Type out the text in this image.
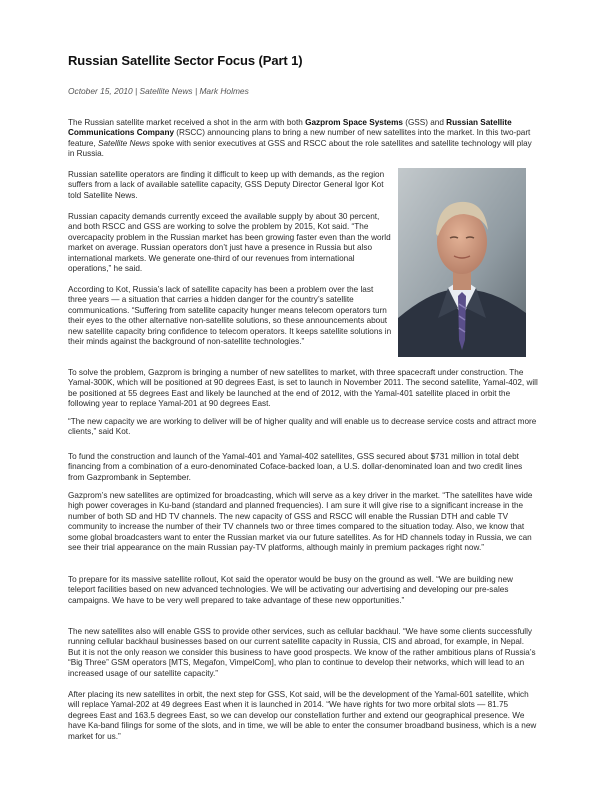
Russian Satellite Sector Focus (Part 1)
October 15, 2010 | Satellite News | Mark Holmes

The Russian satellite market received a shot in the arm with both Gazprom Space Systems (GSS) and Russian Satellite Communications Company (RSCC) announcing plans to bring a new number of new satellites into the market. In this two-part feature, Satellite News spoke with senior executives at GSS and RSCC about the role satellites and satellite technology will play in Russia.

Russian satellite operators are finding it difficult to keep up with demands, as the region suffers from a lack of available satellite capacity, GSS Deputy Director General Igor Kot told Satellite News.

Russian capacity demands currently exceed the available supply by about 30 percent, and both RSCC and GSS are working to solve the problem by 2015, Kot said. “The overcapacity problem in the Russian market has been growing faster even than the world market on average. Russian operators don’t just have a presence in Russia but also international markets. We generate one-third of our revenues from international operations,” he said.

According to Kot, Russia’s lack of satellite capacity has been a problem over the last three years — a situation that carries a hidden danger for the country’s satellite communications. “Suffering from satellite capacity hunger means telecom operators turn their eyes to the other alternative non-satellite solutions, so these announcements about new satellite capacity bring confidence to telecom operators. It keeps satellite solutions in their minds against the background of non-satellite technologies.”

To solve the problem, Gazprom is bringing a number of new satellites to market, with three spacecraft under construction. The Yamal-300K, which will be positioned at 90 degrees East, is set to launch in November 2011. The second satellite, Yamal-402, will be positioned at 55 degrees East and likely be launched at the end of 2012, with the Yamal-401 satellite placed in orbit the following year to replace Yamal-201 at 90 degrees East.

“The new capacity we are working to deliver will be of higher quality and will enable us to decrease service costs and attract more clients,” said Kot.

To fund the construction and launch of the Yamal-401 and Yamal-402 satellites, GSS secured about $731 million in total debt financing from a combination of a euro-denominated Coface-backed loan, a U.S. dollar-denominated loan and two credit lines from Gazprombank in September.

Gazprom’s new satellites are optimized for broadcasting, which will serve as a key driver in the market. “The satellites have wide high power coverages in Ku-band (standard and planned frequencies). I am sure it will give rise to a significant increase in the number of both SD and HD TV channels. The new capacity of GSS and RSCC will enable the Russian DTH and cable TV community to increase the number of their TV channels two or three times compared to the situation today. Also, we know that some global broadcasters want to enter the Russian market via our future satellites. As for HD channels today in Russia, we can see their trial appearance on the main Russian pay-TV platforms, although mainly in premium packages right now.”

To prepare for its massive satellite rollout, Kot said the operator would be busy on the ground as well. “We are building new teleport facilities based on new advanced technologies. We will be activating our advertising and developing our pre-sales campaigns. We have to be very well prepared to take advantage of these new opportunities.”

The new satellites also will enable GSS to provide other services, such as cellular backhaul. “We have some clients successfully running cellular backhaul businesses based on our current satellite capacity in Russia, CIS and abroad, for example, in Nepal. But it is not the only reason we consider this business to have good prospects. We know of the rather ambitious plans of Russia’s “Big Three” GSM operators [MTS, Megafon, VimpelCom], who plan to continue to develop their networks, which will lead to an increased usage of our satellite capacity.”

After placing its new satellites in orbit, the next step for GSS, Kot said, will be the development of the Yamal-601 satellite, which will replace Yamal-202 at 49 degrees East when it is launched in 2014. “We have rights for two more orbital slots — 81.75 degrees East and 163.5 degrees East, so we can develop our constellation further and extend our geographical presence. We have Ka-band filings for some of the slots, and in time, we will be able to enter the consumer broadband business, which is a new market for us.”
